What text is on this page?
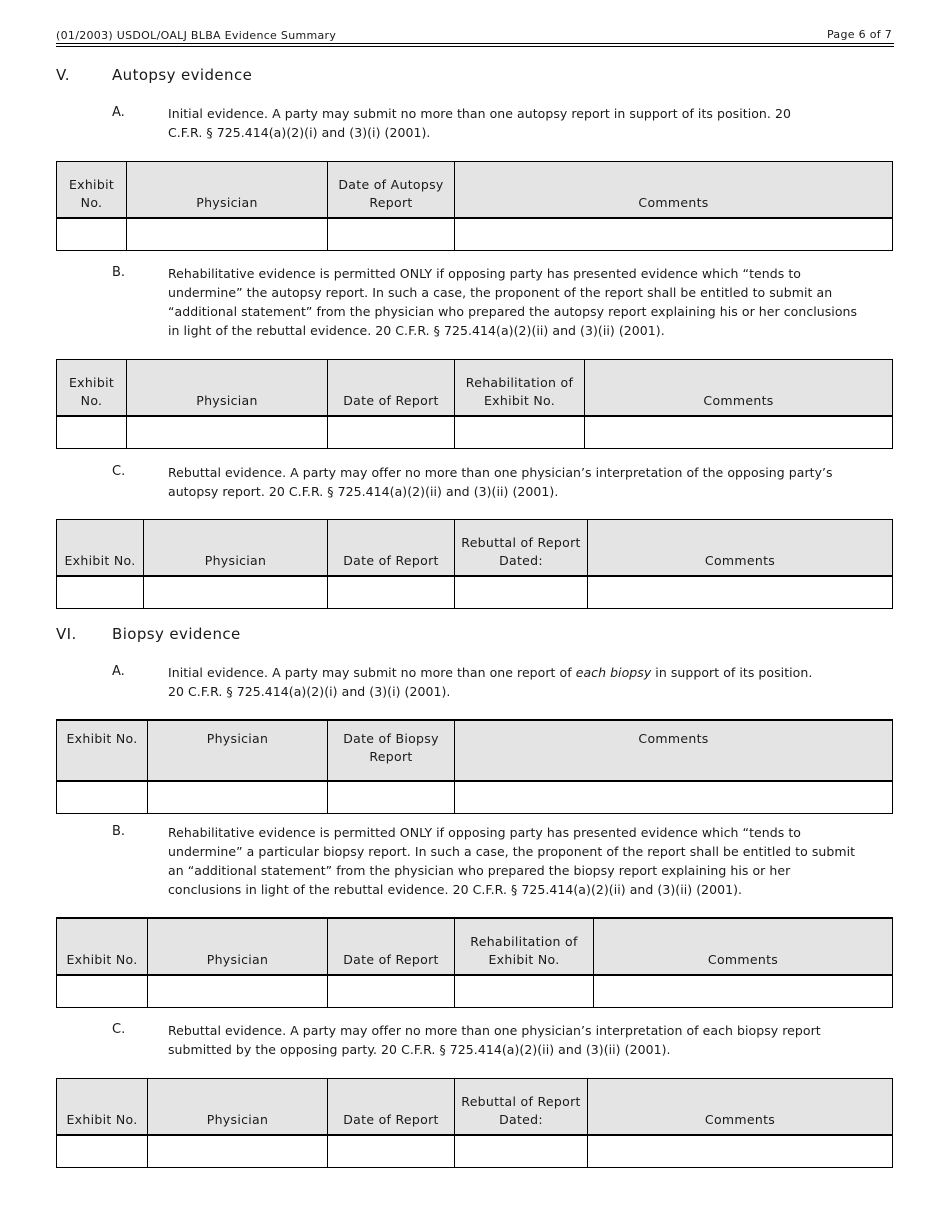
(01/2003) USDOL/OALJ BLBA Evidence Summary	Page 6 of 7
V.	Autopsy evidence
A.	Initial evidence. A party may submit no more than one autopsy report in support of its position. 20
C.F.R. § 725.414(a)(2)(i) and (3)(i) (2001).
Exhibit No.	Physician	Date of Autopsy Report	Comments

B.	Rehabilitative evidence is permitted ONLY if opposing party has presented evidence which “tends to
undermine” the autopsy report. In such a case, the proponent of the report shall be entitled to submit an
“additional statement” from the physician who prepared the autopsy report explaining his or her conclusions
in light of the rebuttal evidence. 20 C.F.R. § 725.414(a)(2)(ii) and (3)(ii) (2001).
Exhibit No.	Physician	Date of Report	Rehabilitation of Exhibit No.	Comments

C.	Rebuttal evidence. A party may offer no more than one physician’s interpretation of the opposing party’s
autopsy report. 20 C.F.R. § 725.414(a)(2)(ii) and (3)(ii) (2001).
Exhibit No.	Physician	Date of Report	Rebuttal of Report Dated:	Comments

VI. Biopsy evidence
A.	Initial evidence. A party may submit no more than one report of each biopsy in support of its position.
20 C.F.R. § 725.414(a)(2)(i) and (3)(i) (2001).
Exhibit No.	Physician	Date of Biopsy Report	Comments

B.	Rehabilitative evidence is permitted ONLY if opposing party has presented evidence which “tends to
undermine” a particular biopsy report. In such a case, the proponent of the report shall be entitled to submit
an “additional statement” from the physician who prepared the biopsy report explaining his or her
conclusions in light of the rebuttal evidence. 20 C.F.R. § 725.414(a)(2)(ii) and (3)(ii) (2001).
Exhibit No.	Physician	Date of Report	Rehabilitation of Exhibit No.	Comments

C.	Rebuttal evidence. A party may offer no more than one physician’s interpretation of each biopsy report
submitted by the opposing party. 20 C.F.R. § 725.414(a)(2)(ii) and (3)(ii) (2001).
Exhibit No.	Physician	Date of Report	Rebuttal of Report Dated:	Comments
